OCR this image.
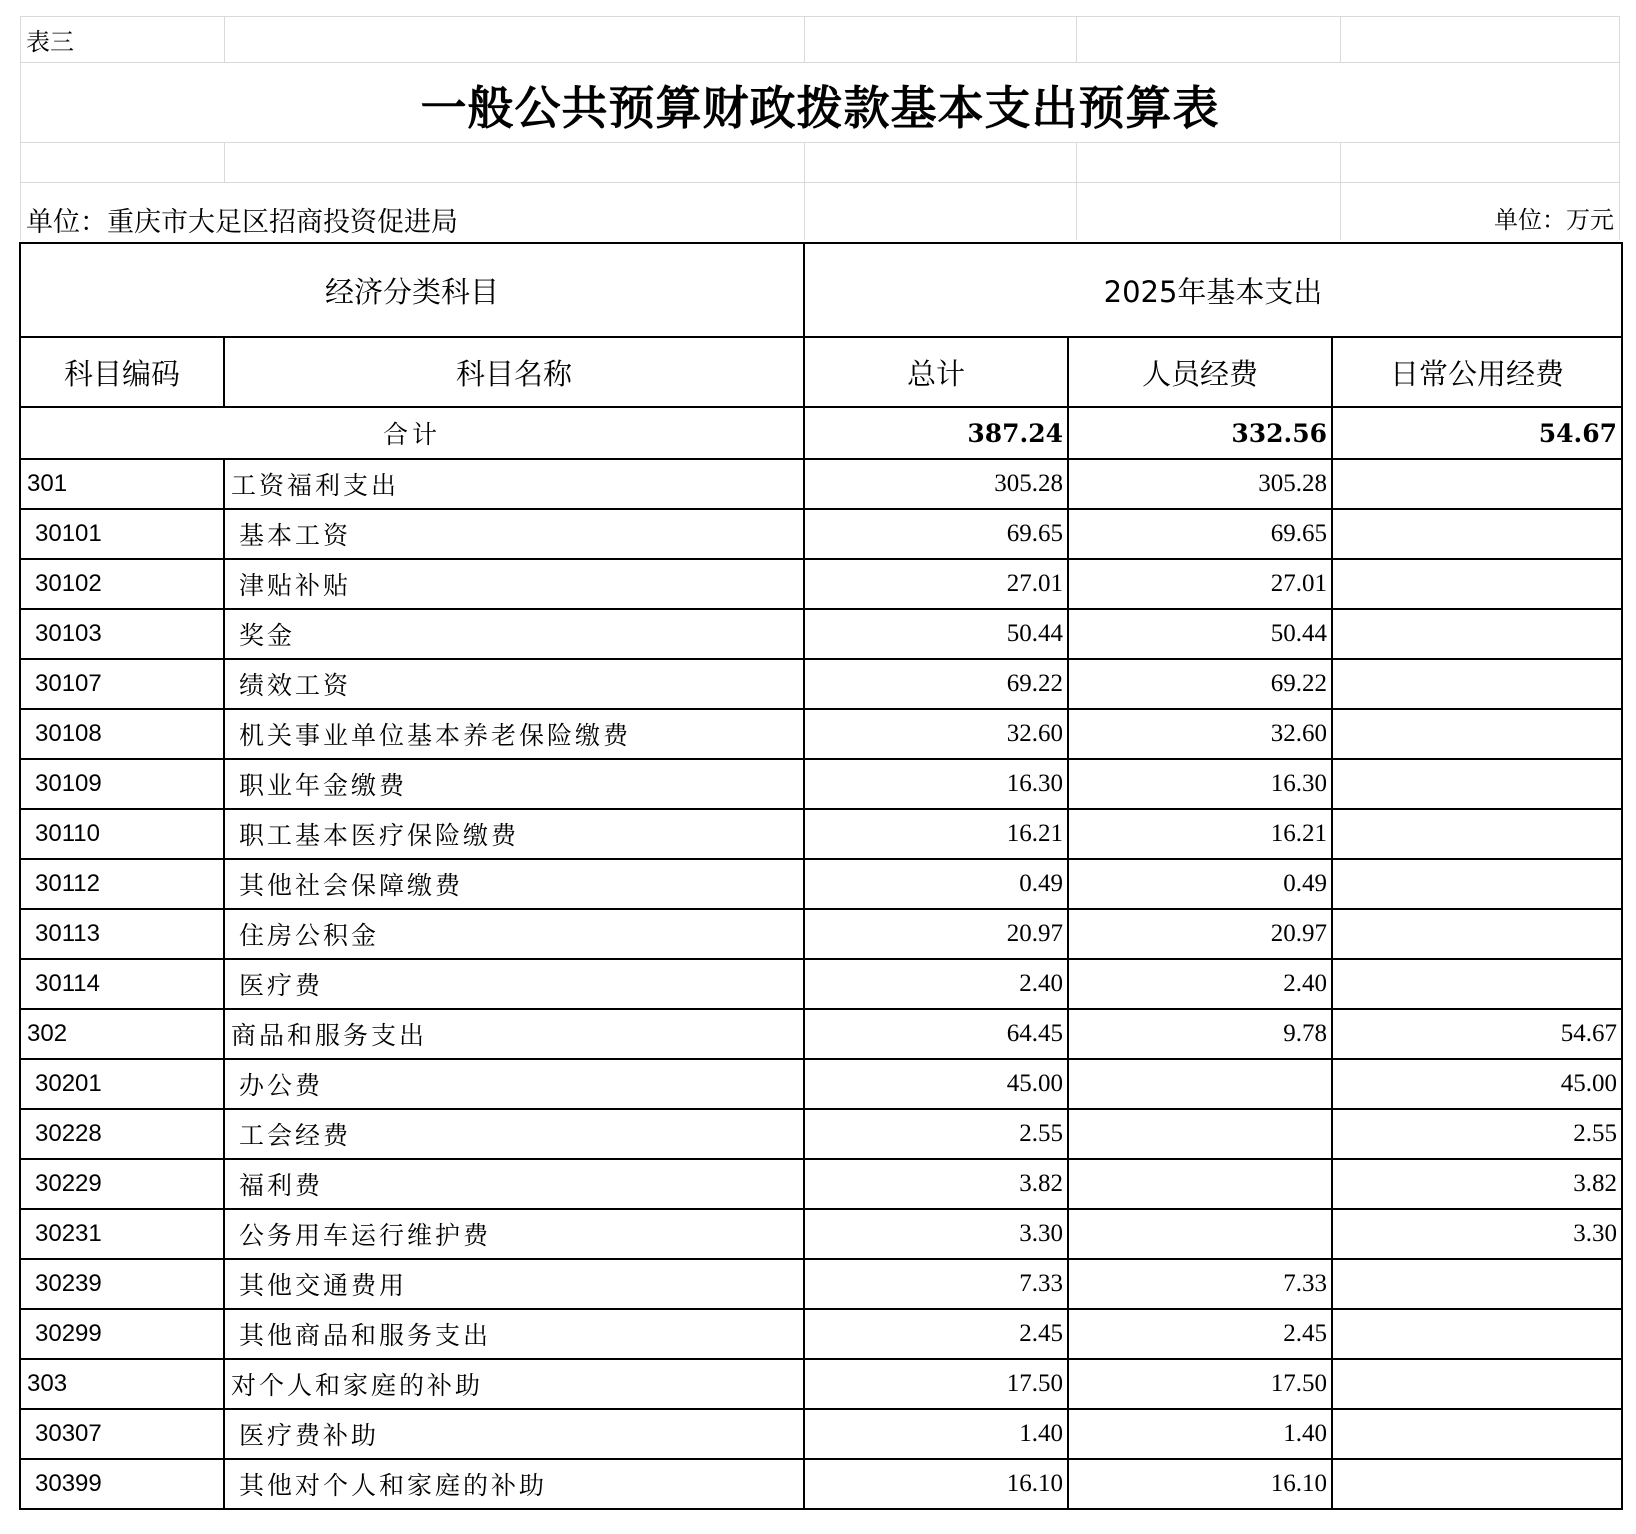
表三
一般公共预算财政拨款基本支出预算表
单位：重庆市大足区招商投资促进局	单位：万元
经济分类科目		2025年基本支出		
科目编码	科目名称	总计	人员经费	日常公用经费
合计		387.24	332.56	54.67
301	工资福利支出	305.28	305.28	
30101	基本工资	69.65	69.65	
30102	津贴补贴	27.01	27.01	
30103	奖金	50.44	50.44	
30107	绩效工资	69.22	69.22	
30108	机关事业单位基本养老保险缴费	32.60	32.60	
30109	职业年金缴费	16.30	16.30	
30110	职工基本医疗保险缴费	16.21	16.21	
30112	其他社会保障缴费	0.49	0.49	
30113	住房公积金	20.97	20.97	
30114	医疗费	2.40	2.40	
302	商品和服务支出	64.45	9.78	54.67
30201	办公费	45.00		45.00
30228	工会经费	2.55		2.55
30229	福利费	3.82		3.82
30231	公务用车运行维护费	3.30		3.30
30239	其他交通费用	7.33	7.33	
30299	其他商品和服务支出	2.45	2.45	
303	对个人和家庭的补助	17.50	17.50	
30307	医疗费补助	1.40	1.40	
30399	其他对个人和家庭的补助	16.10	16.10	
